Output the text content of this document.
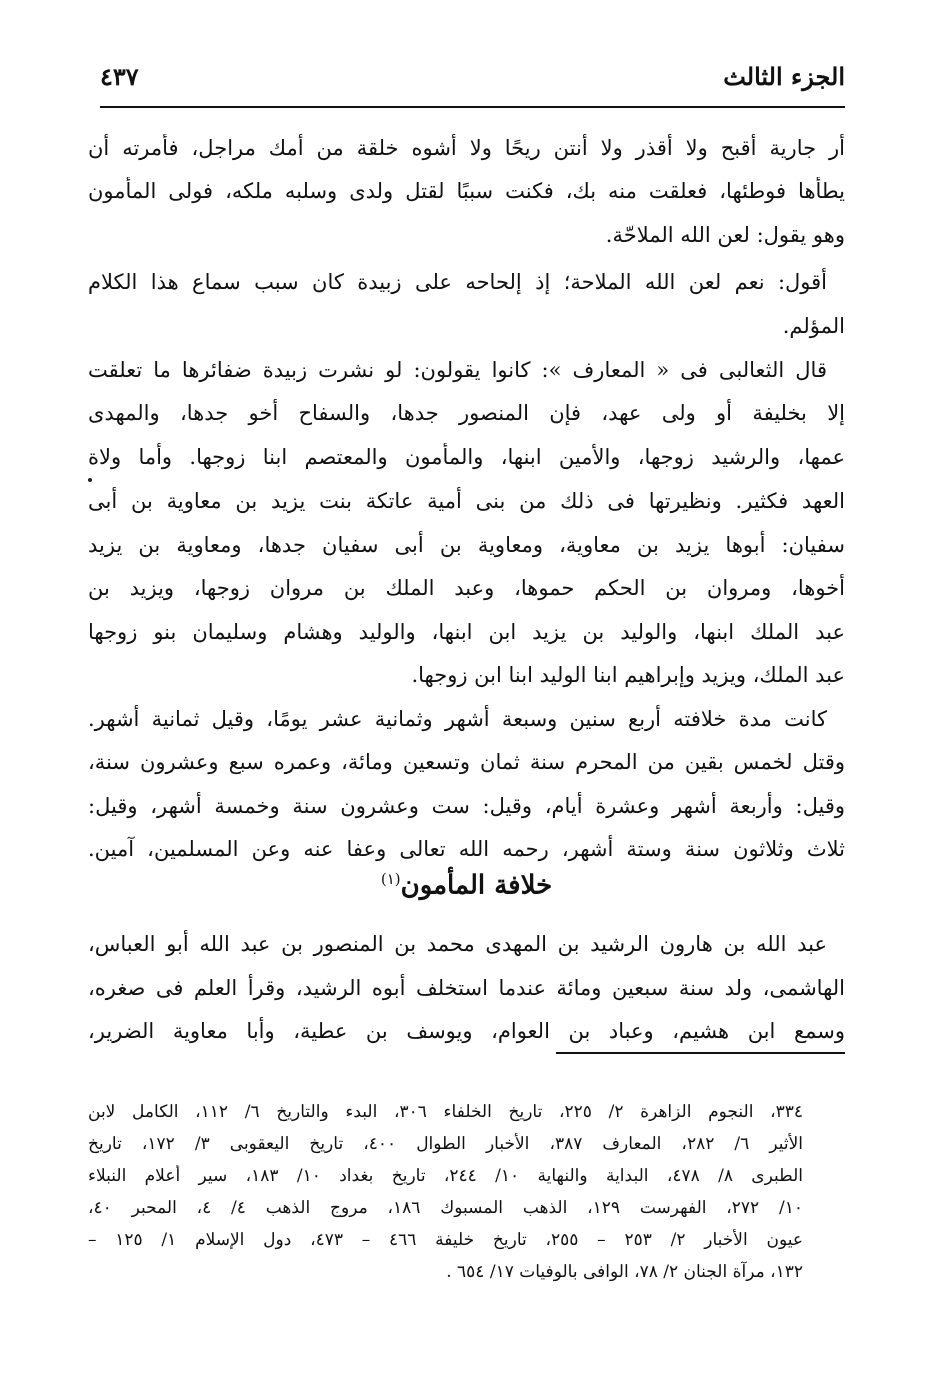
الجزء الثالث
٤٣٧
أر جارية أقبح ولا أقذر ولا أنتن ريحًا ولا أشوه خلقة من أمك مراجل، فأمرته أن
يطأها فوطئها، فعلقت منه بك، فكنت سببًا لقتل ولدى وسلبه ملكه، فولى المأمون
وهو يقول: لعن الله الملاحّة.
أقول: نعم لعن الله الملاحة؛ إذ إلحاحه على زبيدة كان سبب سماع هذا الكلام
المؤلم.
قال الثعالبى فى « المعارف »: كانوا يقولون: لو نشرت زبيدة ضفائرها ما تعلقت
إلا بخليفة أو ولى عهد، فإن المنصور جدها، والسفاح أخو جدها، والمهدى
عمها، والرشيد زوجها، والأمين ابنها، والمأمون والمعتصم ابنا زوجها. وأما ولاة
العهد فكثير. ونظيرتها فى ذلك من بنى أمية عاتكة بنت يزيد بن معاوية بن أبى
سفيان: أبوها يزيد بن معاوية، ومعاوية بن أبى سفيان جدها، ومعاوية بن يزيد
أخوها، ومروان بن الحكم حموها، وعبد الملك بن مروان زوجها، ويزيد بن
عبد الملك ابنها، والوليد بن يزيد ابن ابنها، والوليد وهشام وسليمان بنو زوجها
عبد الملك، ويزيد وإبراهيم ابنا الوليد ابنا ابن زوجها.
كانت مدة خلافته أربع سنين وسبعة أشهر وثمانية عشر يومًا، وقيل ثمانية أشهر.
وقتل لخمس بقين من المحرم سنة ثمان وتسعين ومائة، وعمره سبع وعشرون سنة،
وقيل: وأربعة أشهر وعشرة أيام، وقيل: ست وعشرون سنة وخمسة أشهر، وقيل:
ثلاث وثلاثون سنة وستة أشهر، رحمه الله تعالى وعفا عنه وعن المسلمين، آمين.
خلافة المأمون$^{(١)}$
عبد الله بن هارون الرشيد بن المهدى محمد بن المنصور بن عبد الله أبو العباس،
الهاشمى، ولد سنة سبعين ومائة عندما استخلف أبوه الرشيد، وقرأ العلم فى صغره،
وسمع ابن هشيم، وعباد بن العوام، ويوسف بن عطية، وأبا معاوية الضرير،
٣٣٤، النجوم الزاهرة ٢/ ٢٢٥، تاريخ الخلفاء ٣٠٦، البدء والتاريخ ٦/ ١١٢، الكامل لابن
الأثير ٦/ ٢٨٢، المعارف ٣٨٧، الأخبار الطوال ٤٠٠، تاريخ اليعقوبى ٣/ ١٧٢، تاريخ
الطبرى ٨/ ٤٧٨، البداية والنهاية ١٠/ ٢٤٤، تاريخ بغداد ١٠/ ١٨٣، سير أعلام النبلاء
١٠/ ٢٧٢، الفهرست ١٢٩، الذهب المسبوك ١٨٦، مروج الذهب ٤/ ٤، المحبر ٤٠،
عيون الأخبار ٢/ ٢٥٣ – ٢٥٥، تاريخ خليفة ٤٦٦ – ٤٧٣، دول الإسلام ١/ ١٢٥ –
١٣٢، مرآة الجنان ٢/ ٧٨، الوافى بالوفيات ١٧/ ٦٥٤ .
